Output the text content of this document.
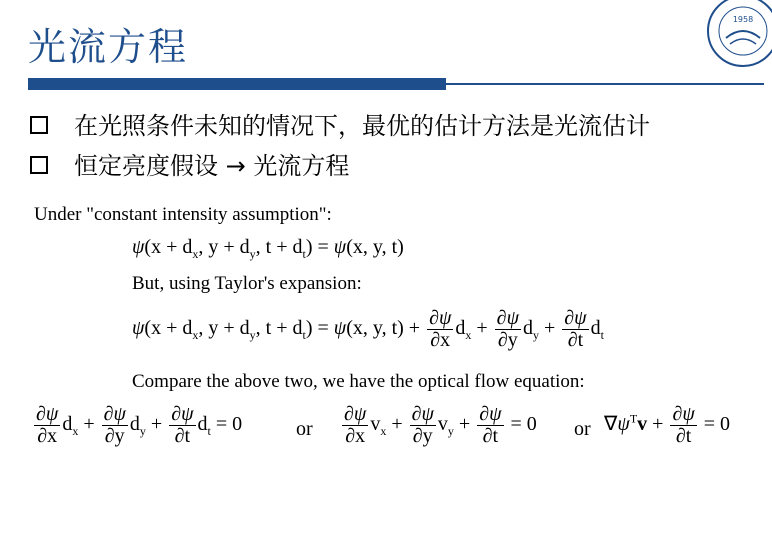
光流方程
1958
在光照条件未知的情况下，最优的估计方法是光流估计
恒定亮度假设 → 光流方程
Under "constant intensity assumption":
$\psi(x + d_x$, $y + d_y$, $t + d_t) = \psi(x$, y, t)
But, using Taylor's expansion:
$\psi(x + d_x$, $y + d_y$, $t + d_t) = \psi(x$, y, $t) + \frac{\partial\psi}{\partial x} d_x + \frac{\partial\psi}{\partial y} d_y + \frac{\partial\psi}{\partial t} d_t$
Compare the above two, we have the optical flow equation:
$\frac{\partial\psi}{\partial x} d_x + \frac{\partial\psi}{\partial y} d_y + \frac{\partial\psi}{\partial t} d_t = 0$	or $\frac{\partial\psi}{\partial x} v_x + \frac{\partial\psi}{\partial y} v_y + \frac{\partial\psi}{\partial t} = 0$ or $\nabla\psi^Tv + \frac{\partial\psi}{\partial t} = 0$
